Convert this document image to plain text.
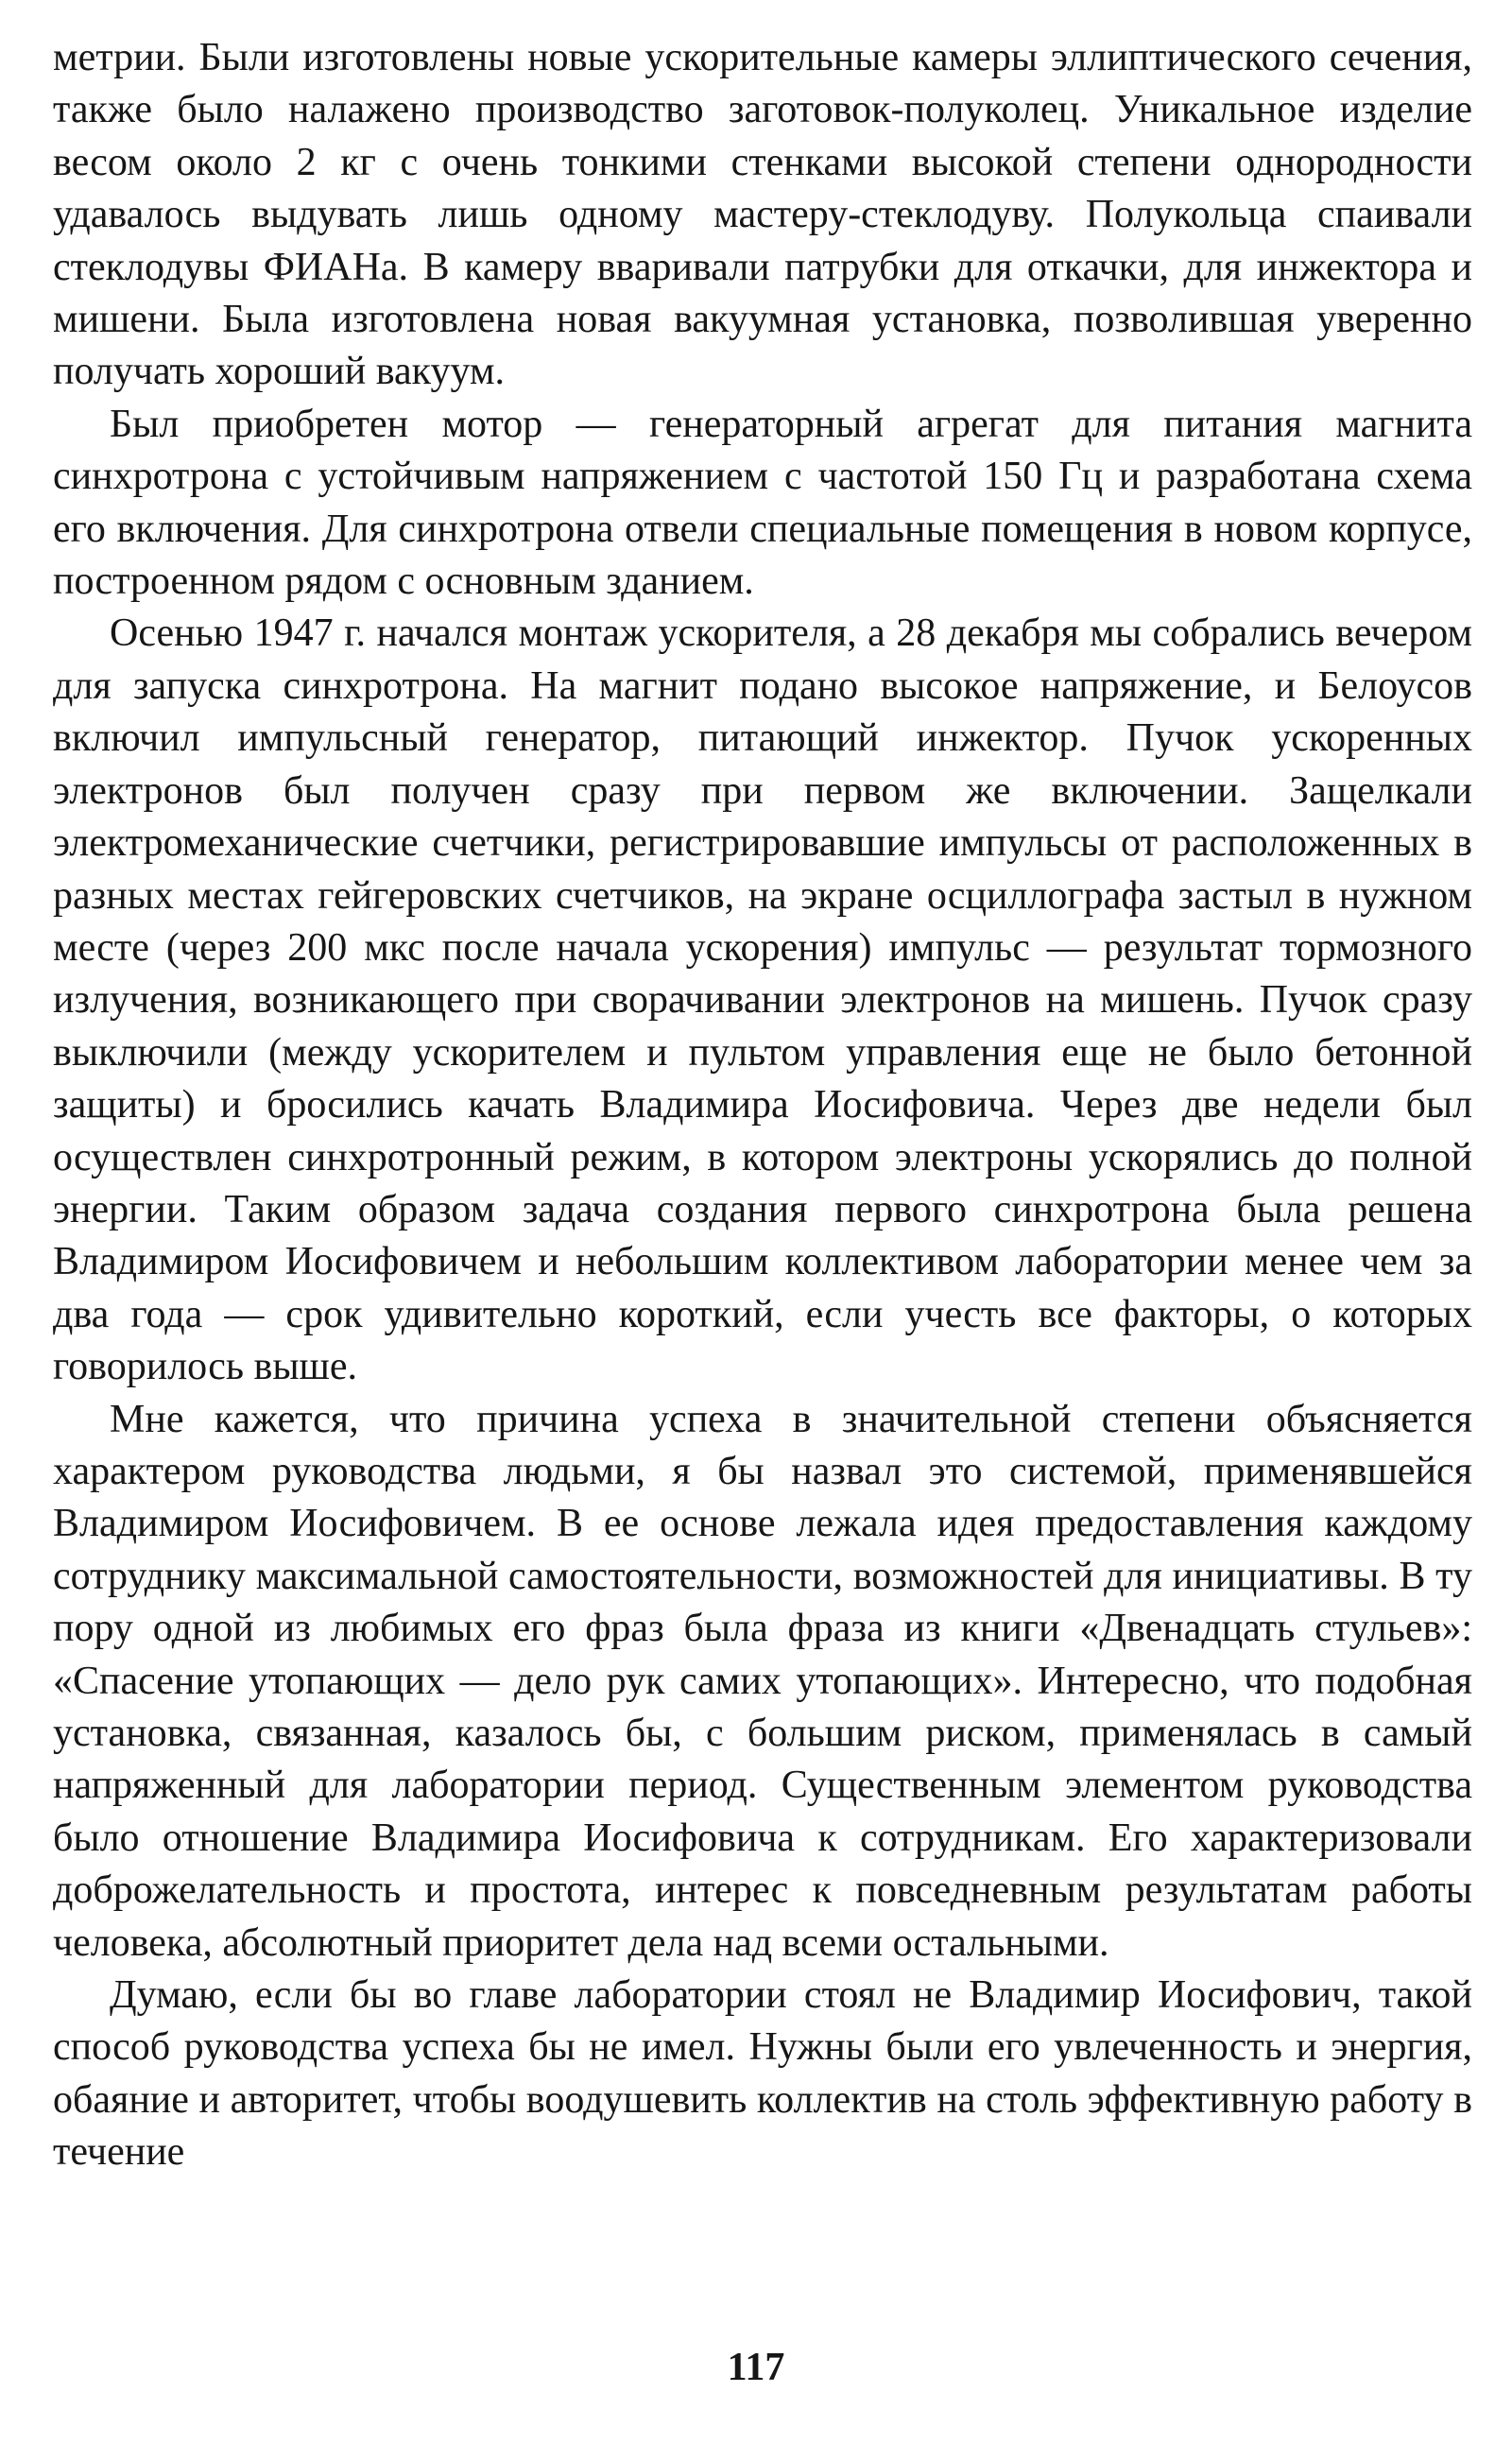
метрии. Были изготовлены новые ускорительные камеры эллиптического сечения, также было налажено производство заготовок-полуколец. Уникальное изделие весом около 2 кг с очень тонкими стенками высокой степени однородности удавалось выдувать лишь одному мастеру-стеклодуву. Полукольца спаивали стеклодувы ФИАНа. В камеру вваривали патрубки для откачки, для инжектора и мишени. Была изготовлена новая вакуумная установка, позволившая уверенно получать хороший вакуум.

Был приобретен мотор — генераторный агрегат для питания магнита синхротрона с устойчивым напряжением с частотой 150 Гц и разработана схема его включения. Для синхротрона отвели специальные помещения в новом корпусе, построенном рядом с основным зданием.

Осенью 1947 г. начался монтаж ускорителя, а 28 декабря мы собрались вечером для запуска синхротрона. На магнит подано высокое напряжение, и Белоусов включил импульсный генератор, питающий инжектор. Пучок ускоренных электронов был получен сразу при первом же включении. Защелкали электромеханические счетчики, регистрировавшие импульсы от расположенных в разных местах гейгеровских счетчиков, на экране осциллографа застыл в нужном месте (через 200 мкс после начала ускорения) импульс — результат тормозного излучения, возникающего при сворачивании электронов на мишень. Пучок сразу выключили (между ускорителем и пультом управления еще не было бетонной защиты) и бросились качать Владимира Иосифовича. Через две недели был осуществлен синхротронный режим, в котором электроны ускорялись до полной энергии. Таким образом задача создания первого синхротрона была решена Владимиром Иосифовичем и небольшим коллективом лаборатории менее чем за два года — срок удивительно короткий, если учесть все факторы, о которых говорилось выше.

Мне кажется, что причина успеха в значительной степени объясняется характером руководства людьми, я бы назвал это системой, применявшейся Владимиром Иосифовичем. В ее основе лежала идея предоставления каждому сотруднику максимальной самостоятельности, возможностей для инициативы. В ту пору одной из любимых его фраз была фраза из книги «Двенадцать стульев»: «Спасение утопающих — дело рук самих утопающих». Интересно, что подобная установка, связанная, казалось бы, с большим риском, применялась в самый напряженный для лаборатории период. Существенным элементом руководства было отношение Владимира Иосифовича к сотрудникам. Его характеризовали доброжелательность и простота, интерес к повседневным результатам работы человека, абсолютный приоритет дела над всеми остальными.

Думаю, если бы во главе лаборатории стоял не Владимир Иосифович, такой способ руководства успеха бы не имел. Нужны были его увлеченность и энергия, обаяние и авторитет, чтобы воодушевить коллектив на столь эффективную работу в течение

117
